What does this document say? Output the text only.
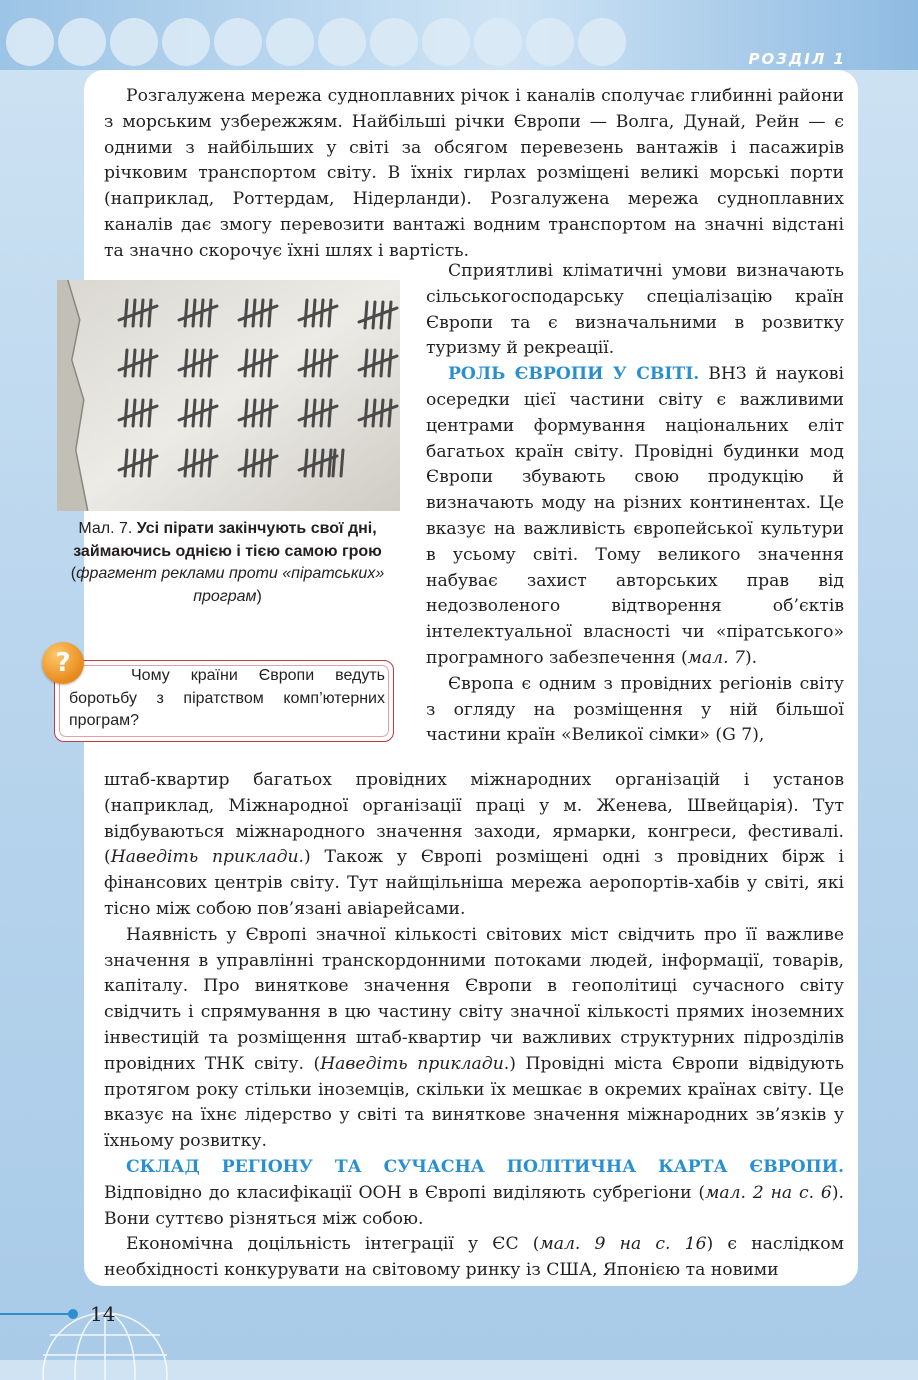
РОЗДІЛ 1

Розгалужена мережа судноплавних річок і каналів сполучає глибинні райони з морським узбережжям. Найбільші річки Європи — Волга, Дунай, Рейн — є одними з найбільших у світі за обсягом перевезень вантажів і пасажирів річковим транспортом світу. В їхніх гирлах розміщені великі морські порти (наприклад, Роттердам, Нідерланди). Розгалужена мережа судноплавних каналів дає змогу перевозити вантажі водним транспортом на значні відстані та значно скорочує їхні шлях і вартість.

Сприятливі кліматичні умови визначають сільськогосподарську спеціалізацію країн Європи та є визначальними в розвитку туризму й рекреації.

РОЛЬ ЄВРОПИ У СВІТІ. ВНЗ й наукові осередки цієї частини світу є важливими центрами формування національних еліт багатьох країн світу. Провідні будинки мод Європи збувають свою продукцію й визначають моду на різних континентах. Це вказує на важливість європейської культури в усьому світі. Тому великого значення набуває захист авторських прав від недозволеного відтворення об’єктів інтелектуальної власності чи «піратського» програмного забезпечення (мал. 7).

Європа є одним з провідних регіонів світу з огляду на розміщення у ній більшої частини країн «Великої сімки» (G 7),

штаб-квартир багатьох провідних міжнародних організацій і установ (наприклад, Міжнародної організації праці у м. Женева, Швейцарія). Тут відбуваються міжнародного значення заходи, ярмарки, конгреси, фестивалі. (Наведіть приклади.) Також у Європі розміщені одні з провідних бірж і фінансових центрів світу. Тут найщільніша мережа аеропортів-хабів у світі, які тісно між собою пов’язані авіарейсами.

Наявність у Європі значної кількості світових міст свідчить про її важливе значення в управлінні транскордонними потоками людей, інформації, товарів, капіталу. Про виняткове значення Європи в геополітиці сучасного світу свідчить і спрямування в цю частину світу значної кількості прямих іноземних інвестицій та розміщення штаб-квартир чи важливих структурних підрозділів провідних ТНК світу. (Наведіть приклади.) Провідні міста Європи відвідують протягом року стільки іноземців, скільки їх мешкає в окремих країнах світу. Це вказує на їхнє лідерство у світі та виняткове значення міжнародних зв’язків у їхньому розвитку.

СКЛАД РЕГІОНУ ТА СУЧАСНА ПОЛІТИЧНА КАРТА ЄВРОПИ. Відповідно до класифікації ООН в Європі виділяють субрегіони (мал. 2 на с. 6). Вони суттєво різняться між собою.

Економічна доцільність інтеграції у ЄС (мал. 9 на с. 16) є наслідком необхідності конкурувати на світовому ринку із США, Японією та новими

Мал. 7. Усі пірати закінчують свої дні, займаючись однією і тією самою грою
(фрагмент реклами проти «піратських» програм)
Чому країни Європи ведуть боротьбу з піратством комп’ютерних програм?
?
14
